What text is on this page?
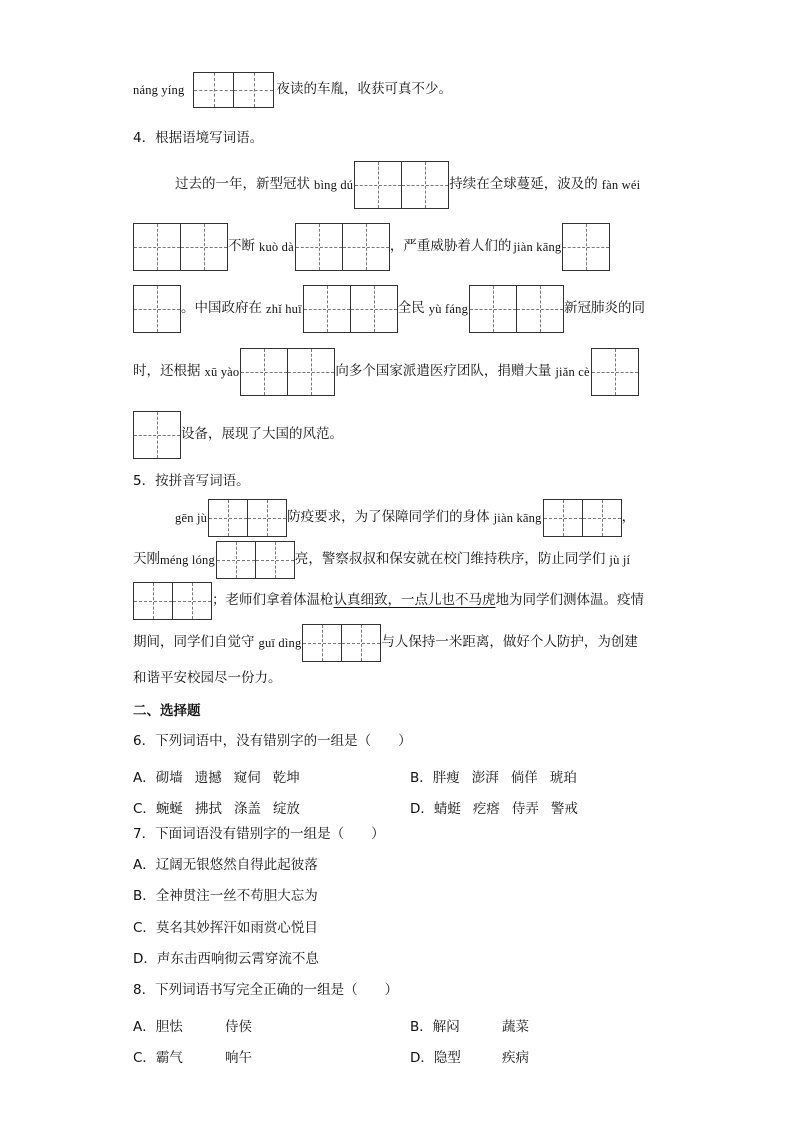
náng yíng	夜读的车胤，收获可真不少。
4．根据语境写词语。
过去的一年，新型冠状 bìng dú	持续在全球蔓延，波及的 fàn wéi
不断 kuò dà	，严重威胁着人们的 jiàn kāng
。中国政府在 zhǐ huī	全民 yù fáng	新冠肺炎的同
时，还根据 xū yào	向多个国家派遣医疗团队，捐赠大量 jiǎn cè
设备，展现了大国的风范。
5．按拼音写词语。
gēn jù	防疫要求，为了保障同学们的身体 jiàn kāng	，
天刚 méng lóng	亮，警察叔叔和保安就在校门维持秩序，防止同学们 jù jí
；老师们拿着体温枪 认真细致，一点儿也不马虎 地为同学们测体温。疫情
期间，同学们自觉守 guī dìng	与人保持一米距离，做好个人防护，为创建
和谐平安校园尽一份力。
二、选择题
6．下列词语中，没有错别字的一组是（　　）
A．砌墙 遗撼 窥伺 乾坤	B．胖瘦 澎湃 倘佯 琥珀
C．蜿蜒 拂拭 涤盖 绽放	D．蜻蜓 疙瘩 侍弄 警戒
7．下面词语没有错别字的一组是（　　）
A．辽阔无银悠然自得此起彼落
B．全神贯注一丝不苟胆大忘为
C．莫名其妙挥汗如雨赏心悦目
D．声东击西响彻云霄穿流不息
8．下列词语书写完全正确的一组是（　　）
A．胆怯	侍侯	B．解闷	蔬菜
C．霸气	响午	D．隐型	疾病
